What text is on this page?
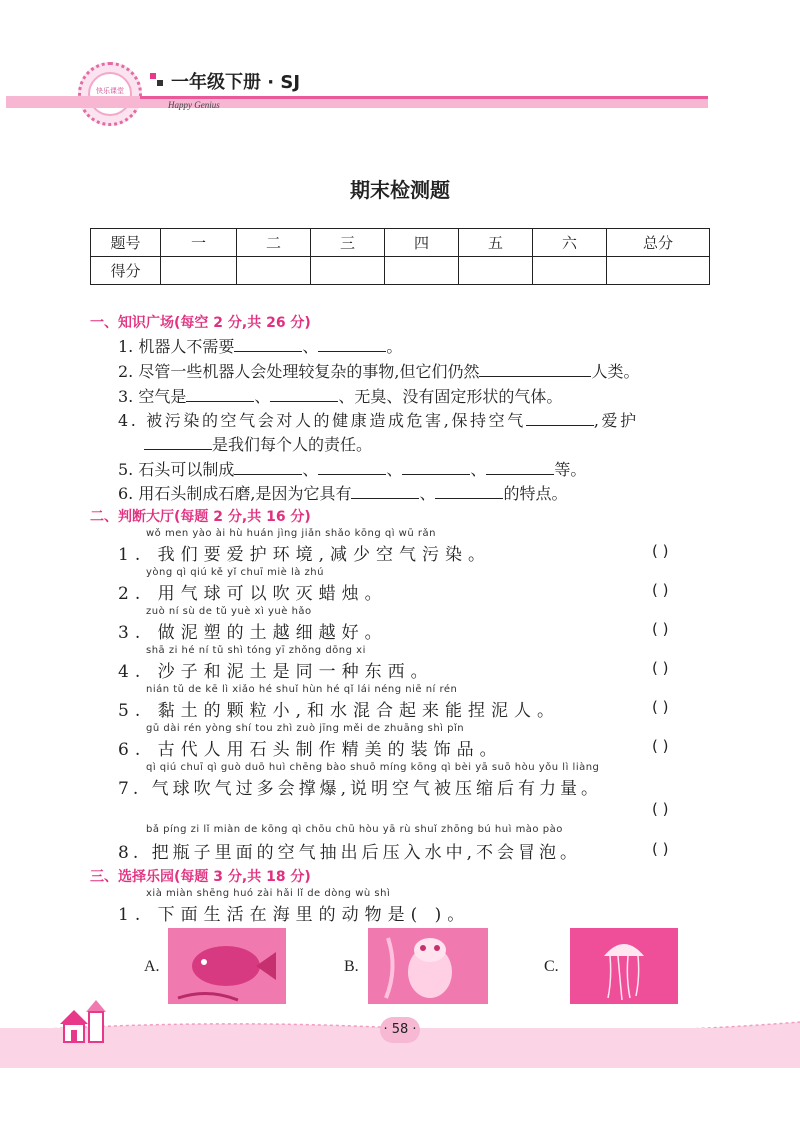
快乐课堂	一年级下册 · SJ
Happy Genius
期末检测题
题号	一	二	三	四	五	六	总分
得分							
一、知识广场(每空 2 分,共 26 分)
1. 机器人不需要	、	。
2. 尽管一些机器人会处理较复杂的事物,但它们仍然	人类。
3. 空气是	、	、无臭、没有固定形状的气体。
4. 被污染的空气会对人的健康造成危害,保持空气	,爱护
是我们每个人的责任。
5. 石头可以制成	、	、	、	等。
6. 用石头制成石磨,是因为它具有	、	的特点。
二、判断大厅(每题 2 分,共 16 分)
wǒ men yào ài hù huán jìng jiǎn shǎo kōng qì wū rǎn
1. 我们要爱护环境,减少空气污染。	( )
yòng qì qiú kě yǐ chuī miè là zhú
2. 用气球可以吹灭蜡烛。	( )
zuò ní sù de tǔ yuè xì yuè hǎo
3. 做泥塑的土越细越好。	( )
shā zi hé ní tǔ shì tóng yī zhǒng dōng xi
4. 沙子和泥土是同一种东西。	( )
nián tǔ de kē lì xiǎo hé shuǐ hùn hé qǐ lái néng niē ní rén
5. 黏土的颗粒小,和水混合起来能捏泥人。	( )
gǔ dài rén yòng shí tou zhì zuò jīng měi de zhuāng shì pǐn
6. 古代人用石头制作精美的装饰品。	( )
qì qiú chuī qì guò duō huì chēng bào shuō míng kōng qì bèi yā suō hòu yǒu lì liàng
7. 气球吹气过多会撑爆,说明空气被压缩后有力量。
( )
bǎ píng zi lǐ miàn de kōng qì chōu chū hòu yā rù shuǐ zhōng bú huì mào pào
8. 把瓶子里面的空气抽出后压入水中,不会冒泡。	( )
三、选择乐园(每题 3 分,共 18 分)
xià miàn shēng huó zài hǎi lǐ de dòng wù shì
1. 下面生活在海里的动物是( )。
A.	B.	C.
· 58 ·
